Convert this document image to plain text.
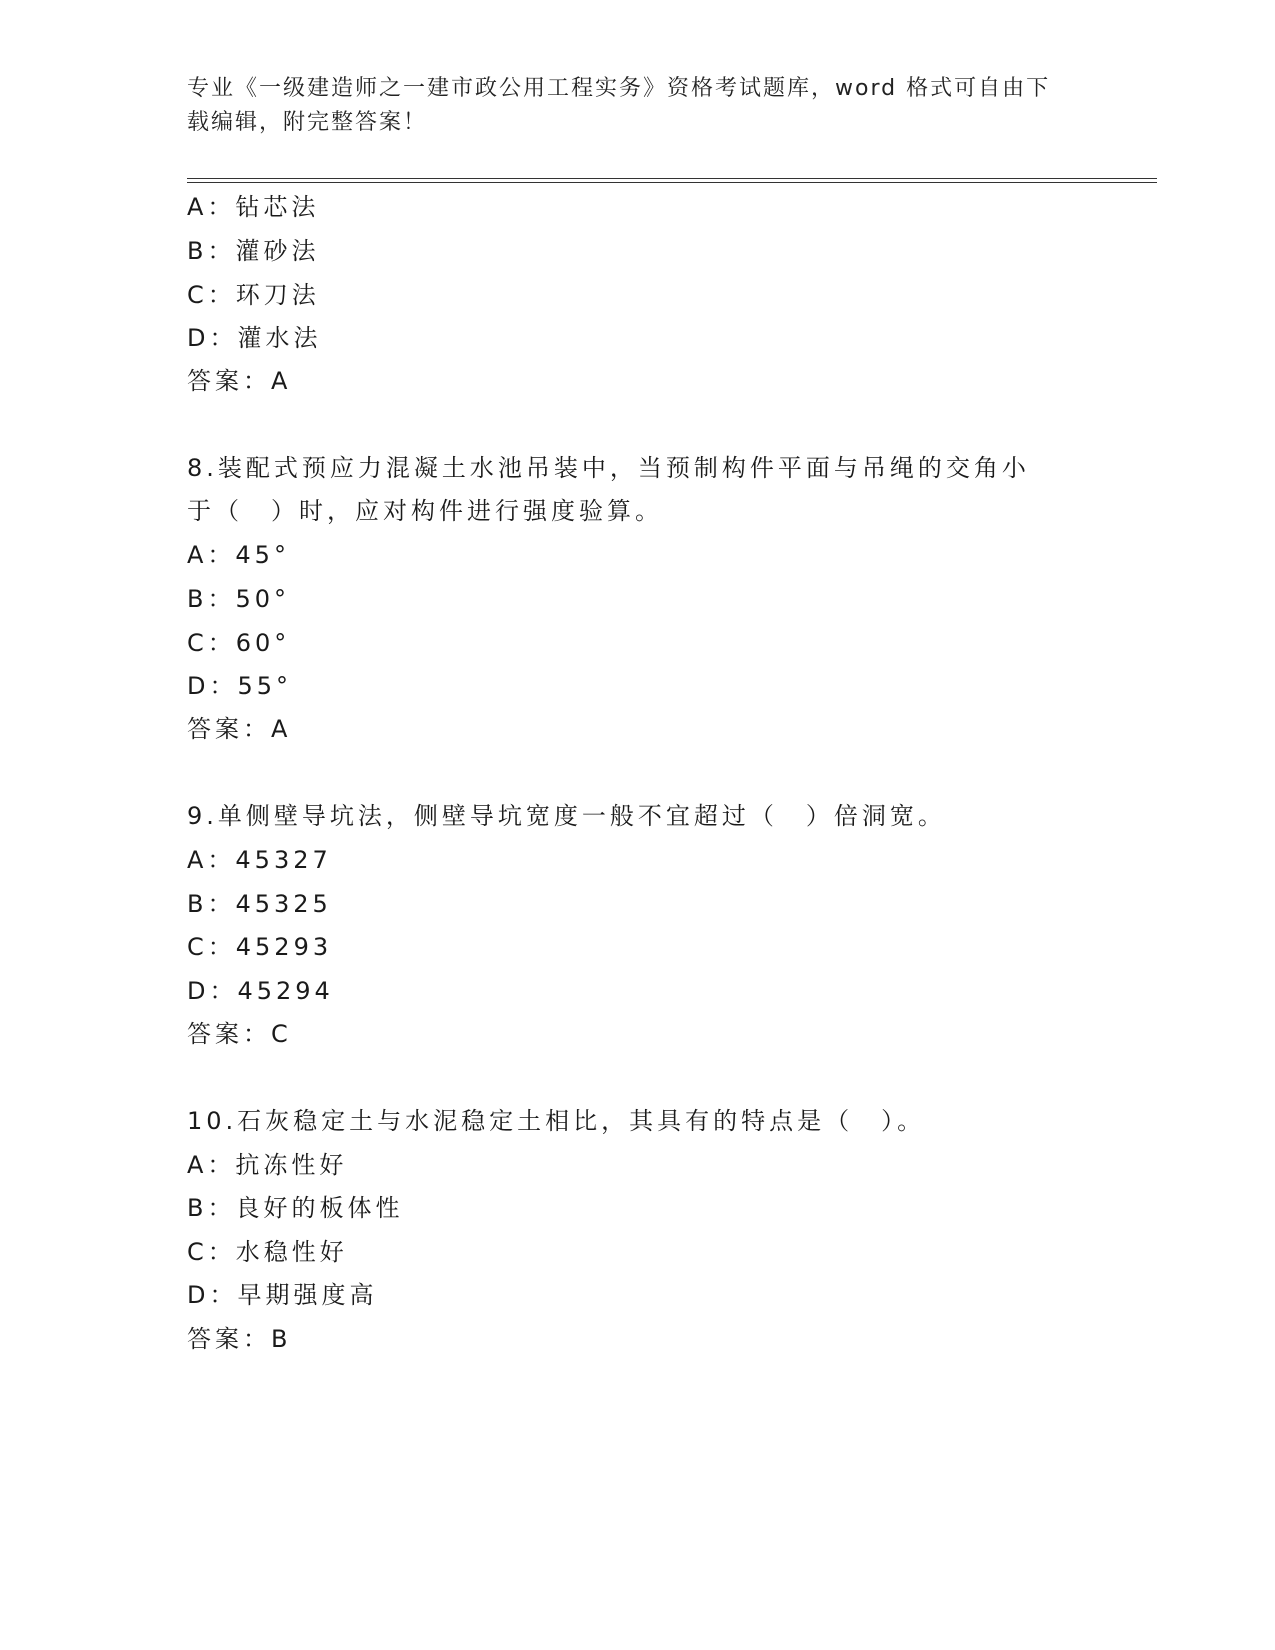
专业《一级建造师之一建市政公用工程实务》资格考试题库，word 格式可自由下
载编辑，附完整答案！
A：钻芯法
B：灌砂法
C：环刀法
D：灌水法
答案：A
8.装配式预应力混凝土水池吊装中，当预制构件平面与吊绳的交角小
于（　）时，应对构件进行强度验算。
A：45°
B：50°
C：60°
D：55°
答案：A
9.单侧壁导坑法，侧壁导坑宽度一般不宜超过（　）倍洞宽。
A：45327
B：45325
C：45293
D：45294
答案：C
10.石灰稳定土与水泥稳定土相比，其具有的特点是（　）。
A：抗冻性好
B：良好的板体性
C：水稳性好
D：早期强度高
答案：B
